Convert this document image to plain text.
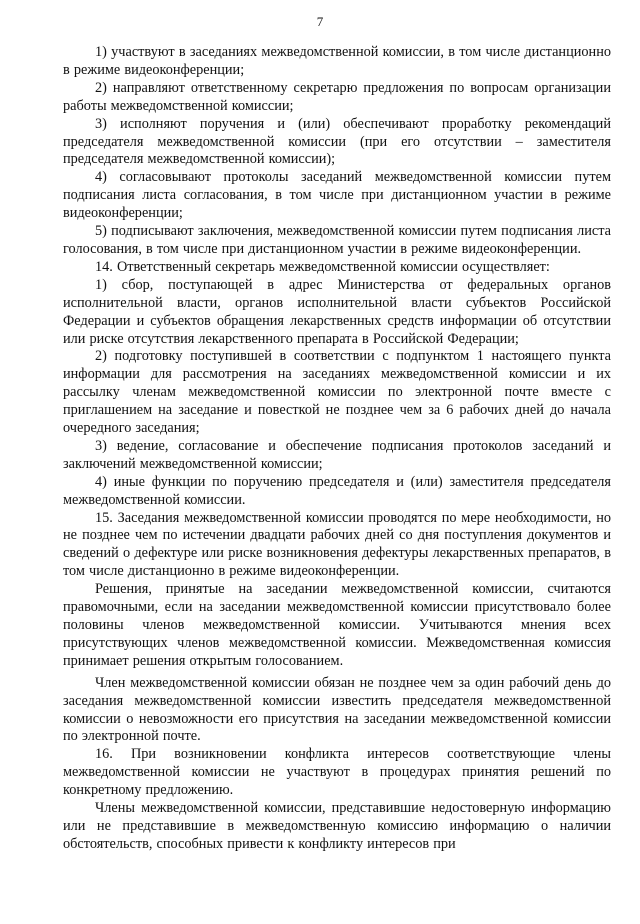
7

1) участвуют в заседаниях межведомственной комиссии, в том числе дистанционно в режиме видеоконференции;

2) направляют ответственному секретарю предложения по вопросам организации работы межведомственной комиссии;

3) исполняют поручения и (или) обеспечивают проработку рекомендаций председателя межведомственной комиссии (при его отсутствии – заместителя председателя межведомственной комиссии);

4) согласовывают протоколы заседаний межведомственной комиссии путем подписания листа согласования, в том числе при дистанционном участии в режиме видеоконференции;

5) подписывают заключения, межведомственной комиссии путем подписания листа голосования, в том числе при дистанционном участии в режиме видеоконференции.

14. Ответственный секретарь межведомственной комиссии осуществляет:

1) сбор, поступающей в адрес Министерства от федеральных органов исполнительной власти, органов исполнительной власти субъектов Российской Федерации и субъектов обращения лекарственных средств информации об отсутствии или риске отсутствия лекарственного препарата в Российской Федерации;

2) подготовку поступившей в соответствии с подпунктом 1 настоящего пункта информации для рассмотрения на заседаниях межведомственной комиссии и их рассылку членам межведомственной комиссии по электронной почте вместе с приглашением на заседание и повесткой не позднее чем за 6 рабочих дней до начала очередного заседания;

3) ведение, согласование и обеспечение подписания протоколов заседаний и заключений межведомственной комиссии;

4) иные функции по поручению председателя и (или) заместителя председателя межведомственной комиссии.

15. Заседания межведомственной комиссии проводятся по мере необходимости, но не позднее чем по истечении двадцати рабочих дней со дня поступления документов и сведений о дефектуре или риске возникновения дефектуры лекарственных препаратов, в том числе дистанционно в режиме видеоконференции.

Решения, принятые на заседании межведомственной комиссии, считаются правомочными, если на заседании межведомственной комиссии присутствовало более половины членов межведомственной комиссии. Учитываются мнения всех присутствующих членов межведомственной комиссии. Межведомственная комиссия принимает решения открытым голосованием.

Член межведомственной комиссии обязан не позднее чем за один рабочий день до заседания межведомственной комиссии известить председателя межведомственной комиссии о невозможности его присутствия на заседании межведомственной комиссии по электронной почте.

16. При возникновении конфликта интересов соответствующие члены межведомственной комиссии не участвуют в процедурах принятия решений по конкретному предложению.

Члены межведомственной комиссии, представившие недостоверную информацию или не представившие в межведомственную комиссию информацию о наличии обстоятельств, способных привести к конфликту интересов при
